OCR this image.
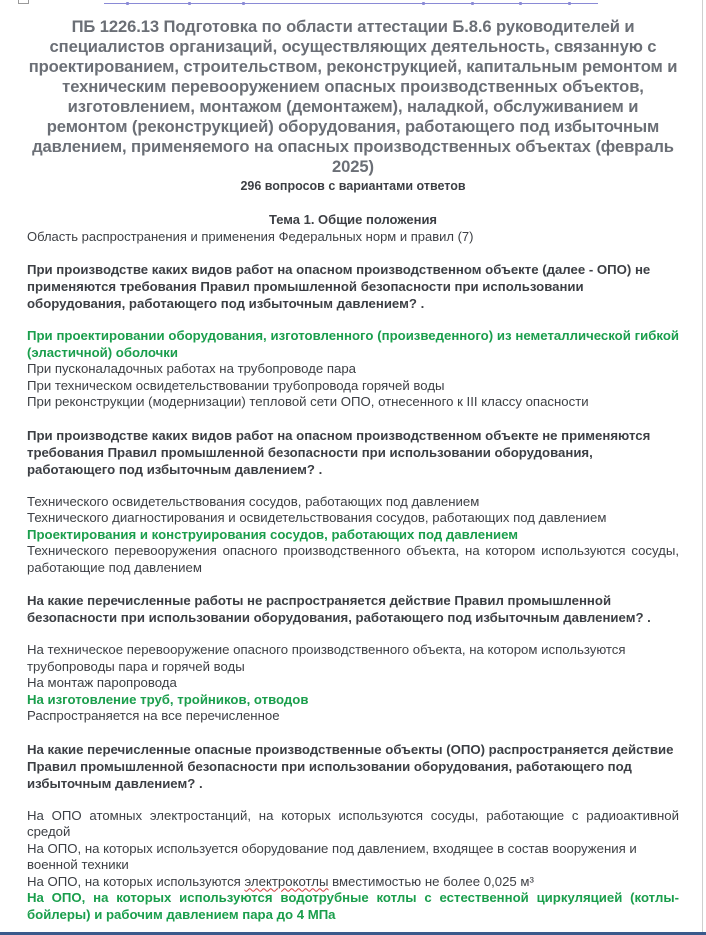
ПБ 1226.13 Подготовка по области аттестации Б.8.6 руководителей и специалистов организаций, осуществляющих деятельность, связанную с проектированием, строительством, реконструкцией, капитальным ремонтом и техническим перевооружением опасных производственных объектов, изготовлением, монтажом (демонтажем), наладкой, обслуживанием и ремонтом (реконструкцией) оборудования, работающего под избыточным давлением, применяемого на опасных производственных объектах (февраль 2025)
296 вопросов с вариантами ответов
Тема 1. Общие положения
Область распространения и применения Федеральных норм и правил (7)
При производстве каких видов работ на опасном производственном объекте (далее - ОПО) не применяются требования Правил промышленной безопасности при использовании оборудования, работающего под избыточным давлением? .
При проектировании оборудования, изготовленного (произведенного) из неметаллической гибкой (эластичной) оболочки
При пусконаладочных работах на трубопроводе пара
При техническом освидетельствовании трубопровода горячей воды
При реконструкции (модернизации) тепловой сети ОПО, отнесенного к III классу опасности
При производстве каких видов работ на опасном производственном объекте не применяются требования Правил промышленной безопасности при использовании оборудования, работающего под избыточным давлением? .
Технического освидетельствования сосудов, работающих под давлением
Технического диагностирования и освидетельствования сосудов, работающих под давлением
Проектирования и конструирования сосудов, работающих под давлением
Технического перевооружения опасного производственного объекта, на котором используются сосуды, работающие под давлением
На какие перечисленные работы не распространяется действие Правил промышленной безопасности при использовании оборудования, работающего под избыточным давлением? .
На техническое перевооружение опасного производственного объекта, на котором используются трубопроводы пара и горячей воды
На монтаж паропровода
На изготовление труб, тройников, отводов
Распространяется на все перечисленное
На какие перечисленные опасные производственные объекты (ОПО) распространяется действие Правил промышленной безопасности при использовании оборудования, работающего под избыточным давлением? .
На ОПО атомных электростанций, на которых используются сосуды, работающие с радиоактивной средой
На ОПО, на которых используется оборудование под давлением, входящее в состав вооружения и военной техники
На ОПО, на которых используются электрокотлы вместимостью не более 0,025 м³
На ОПО, на которых используются водотрубные котлы с естественной циркуляцией (котлы-бойлеры) и рабочим давлением пара до 4 МПа
